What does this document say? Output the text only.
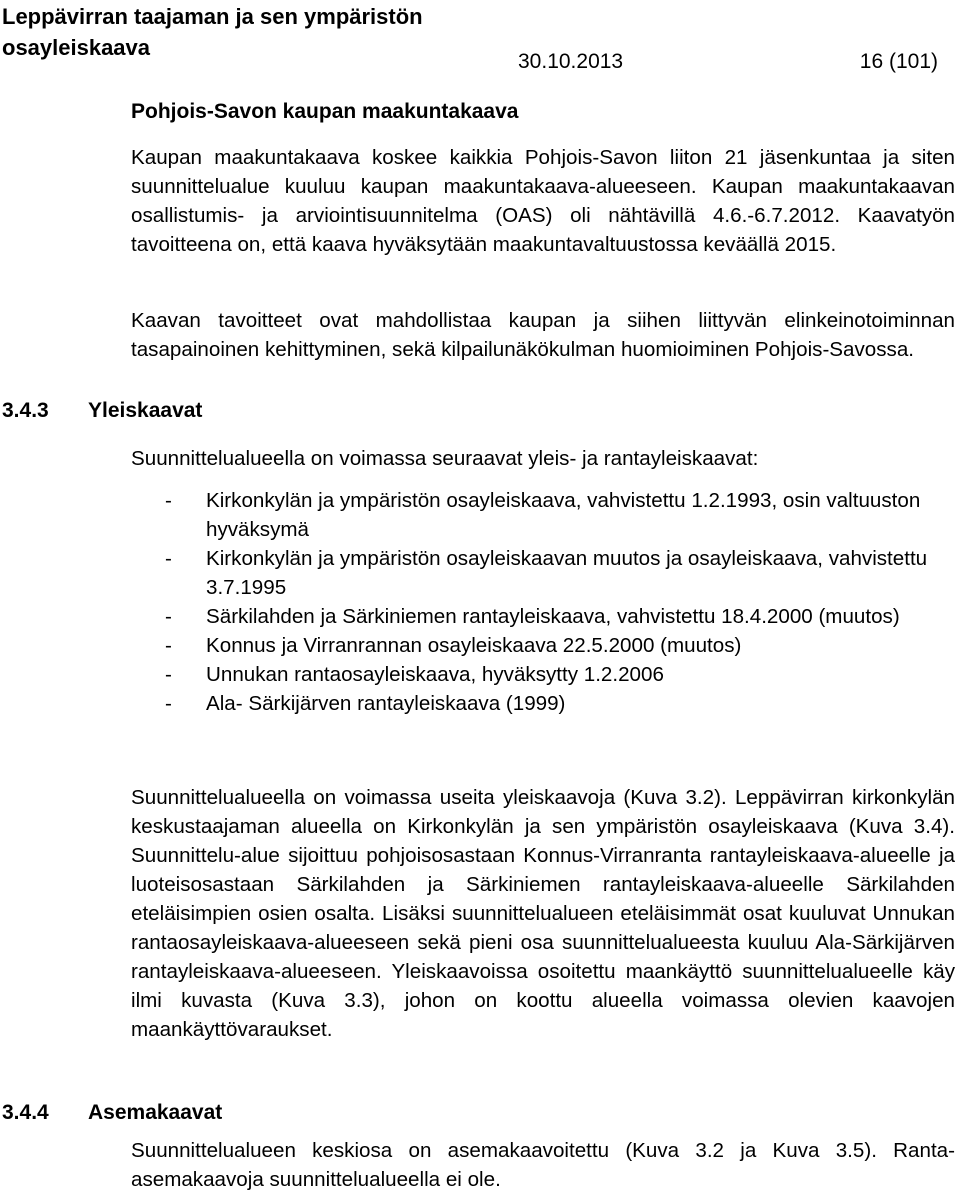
Leppävirran taajaman ja sen ympäristön
osayleiskaava
30.10.2013	16 (101)
Pohjois-Savon kaupan maakuntakaava

Kaupan maakuntakaava koskee kaikkia Pohjois-Savon liiton 21 jäsenkuntaa ja siten suunnittelualue kuuluu kaupan maakuntakaava-alueeseen. Kaupan maakuntakaavan osallistumis- ja arviointisuunnitelma (OAS) oli nähtävillä 4.6.-6.7.2012. Kaavatyön tavoitteena on, että kaava hyväksytään maakuntavaltuustossa keväällä 2015.

Kaavan tavoitteet ovat mahdollistaa kaupan ja siihen liittyvän elinkeinotoiminnan tasapainoinen kehittyminen, sekä kilpailunäkökulman huomioiminen Pohjois-Savossa.

3.4.3	Yleiskaavat

Suunnittelualueella on voimassa seuraavat yleis- ja rantayleiskaavat:

- Kirkonkylän ja ympäristön osayleiskaava, vahvistettu 1.2.1993, osin valtuuston hyväksymä
- Kirkonkylän ja ympäristön osayleiskaavan muutos ja osayleiskaava, vahvistettu 3.7.1995
- Särkilahden ja Särkiniemen rantayleiskaava, vahvistettu 18.4.2000 (muutos)
- Konnus ja Virranrannan osayleiskaava 22.5.2000 (muutos)
- Unnukan rantaosayleiskaava, hyväksytty 1.2.2006
- Ala- Särkijärven rantayleiskaava (1999)

Suunnittelualueella on voimassa useita yleiskaavoja (Kuva 3.2). Leppävirran kirkonkylän keskustaajaman alueella on Kirkonkylän ja sen ympäristön osayleiskaava (Kuva 3.4). Suunnittelu-alue sijoittuu pohjoisosastaan Konnus-Virranranta rantayleiskaava-alueelle ja luoteisosastaan Särkilahden ja Särkiniemen rantayleiskaava-alueelle Särkilahden eteläisimpien osien osalta. Lisäksi suunnittelualueen eteläisimmät osat kuuluvat Unnukan rantaosayleiskaava-alueeseen sekä pieni osa suunnittelualueesta kuuluu Ala-Särkijärven rantayleiskaava-alueeseen. Yleiskaavoissa osoitettu maankäyttö suunnittelualueelle käy ilmi kuvasta (Kuva 3.3), johon on koottu alueella voimassa olevien kaavojen maankäyttövaraukset.

3.4.4	Asemakaavat

Suunnittelualueen keskiosa on asemakaavoitettu (Kuva 3.2 ja Kuva 3.5). Ranta-asemakaavoja suunnittelualueella ei ole.
